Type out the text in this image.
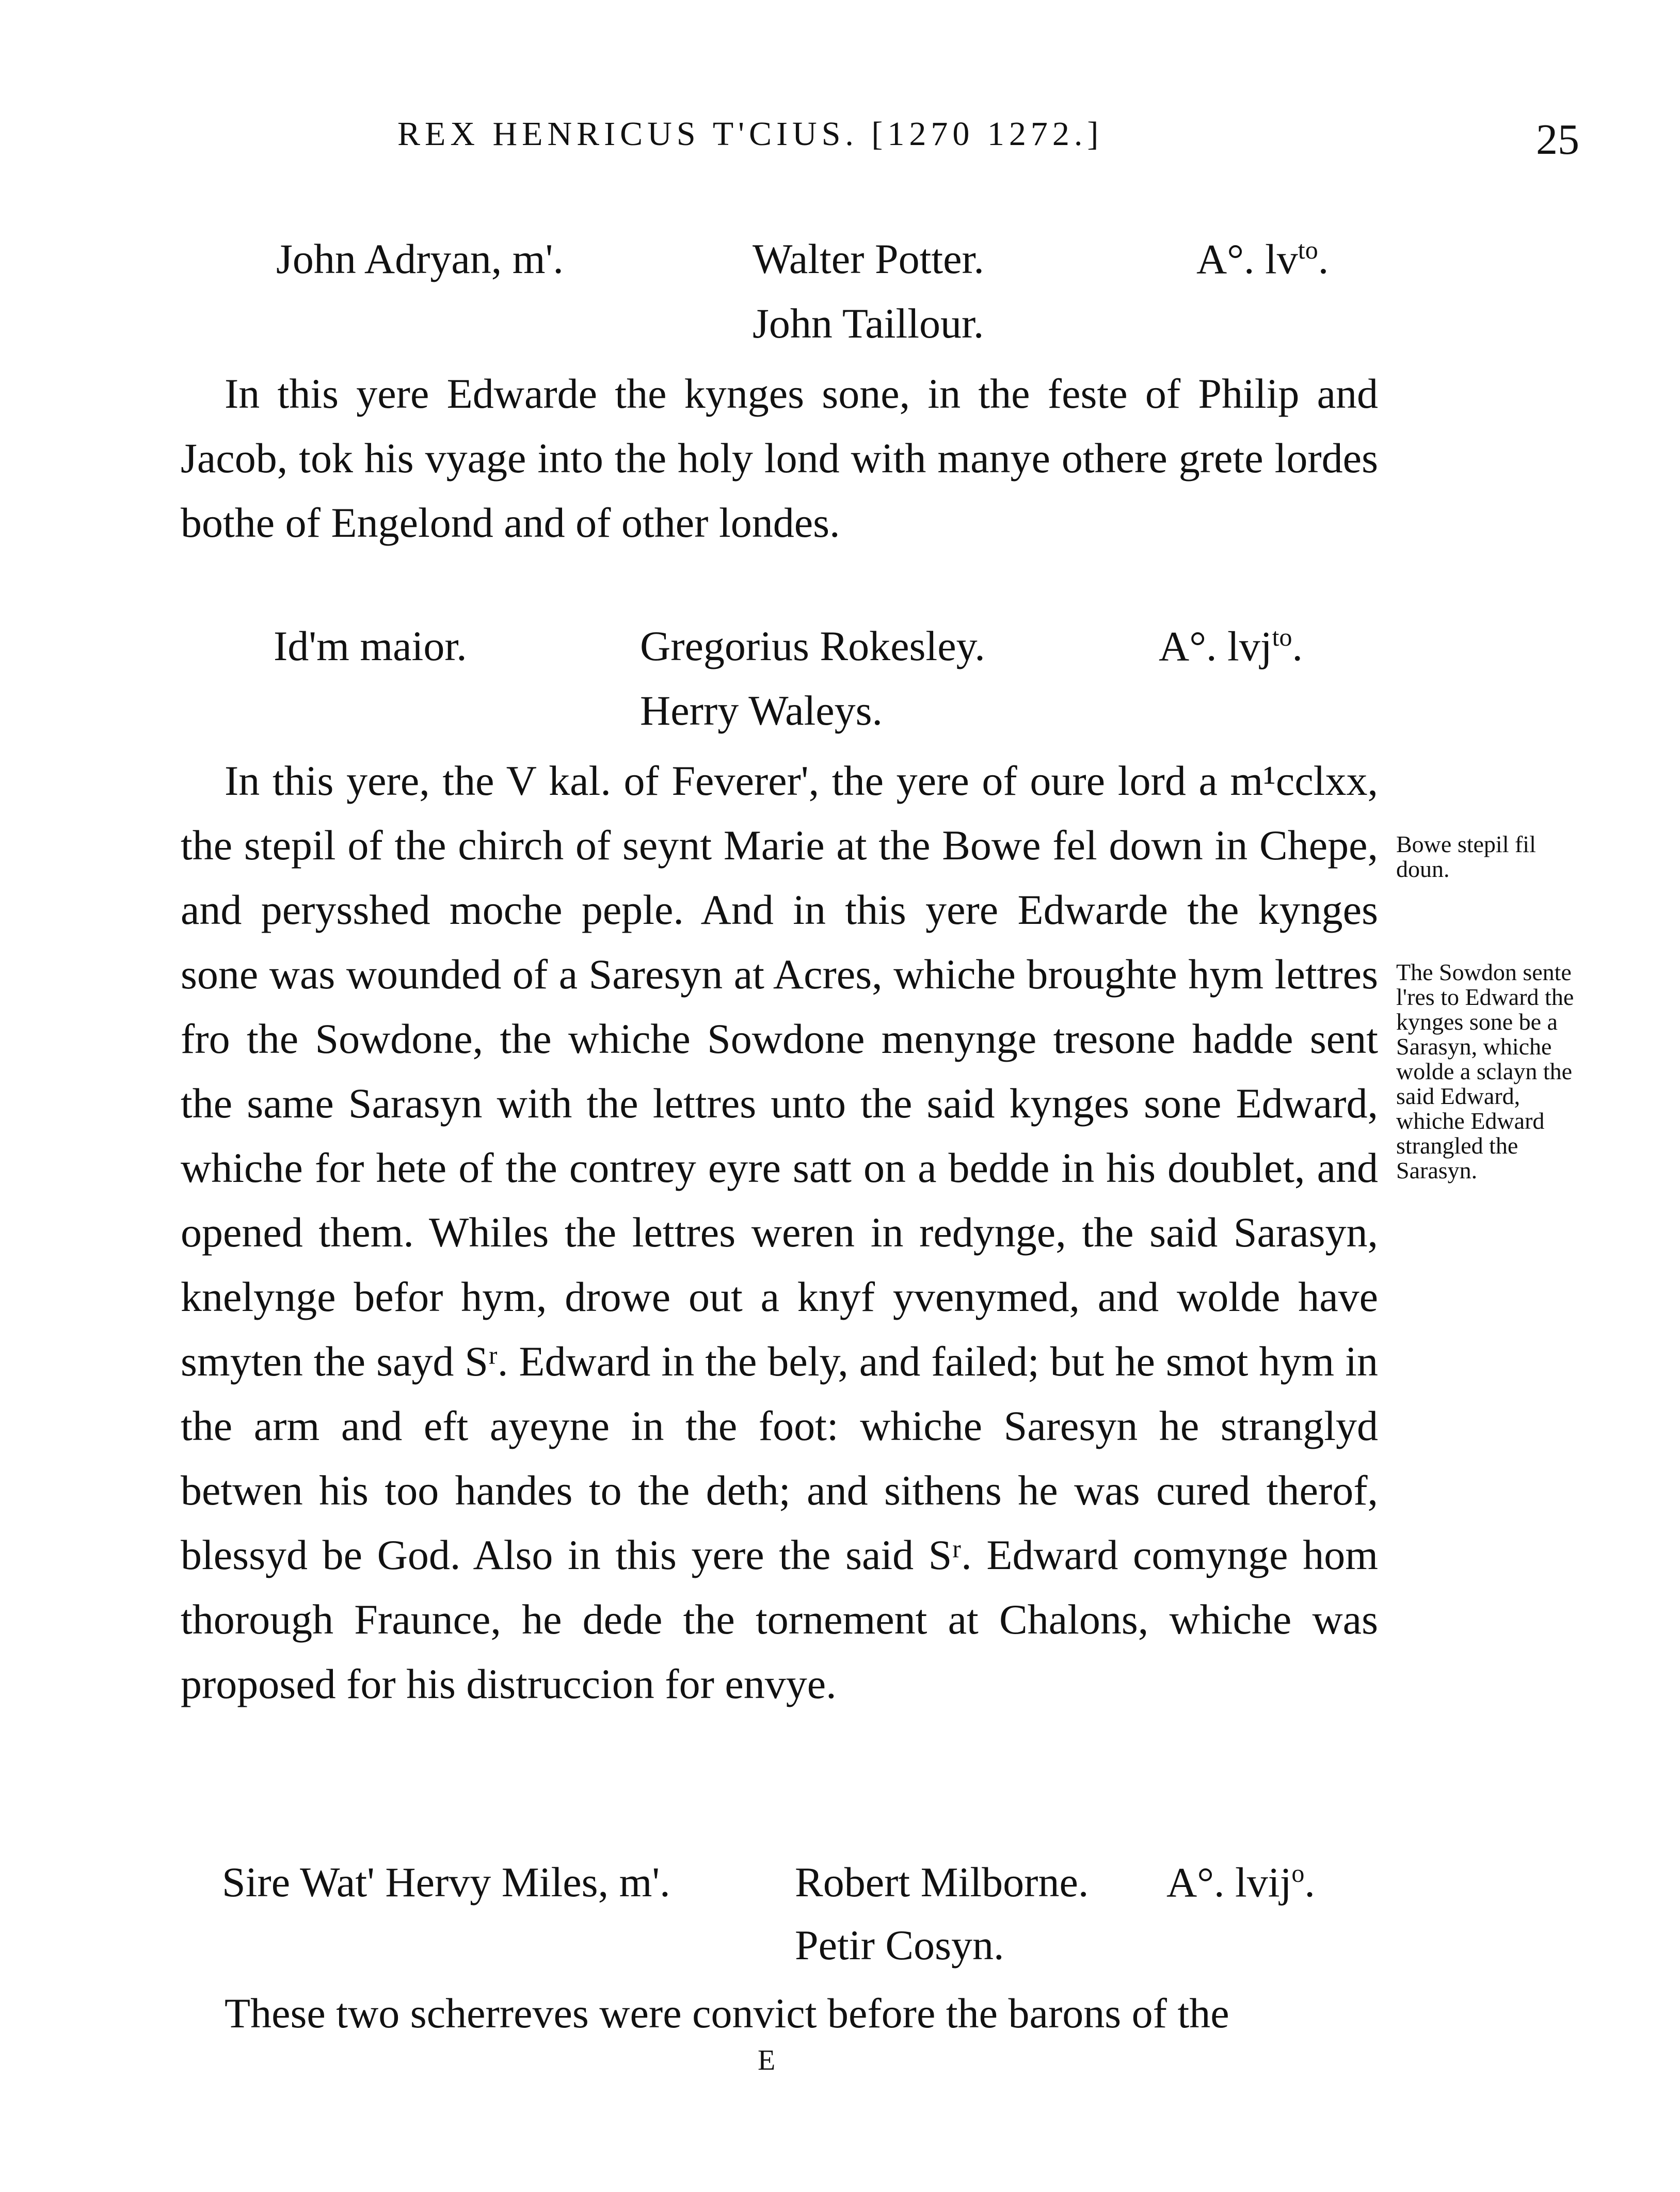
REX HENRICUS T'CIUS. [1270 1272.]	25
John Adryan, m'.	Walter Potter.	A°. $lv^{to}$.
John Taillour.

In this yere Edwarde the kynges sone, in the feste of Philip and Jacob, tok his vyage into the holy lond with manye othere grete lordes bothe of Engelond and of other londes.

Id'm maior.	Gregorius Rokesley.	A°. lvj$^{to}$.
Herry Waleys.

In this yere, the V kal. of Feverer', the yere of oure lord a m¹cclxx, the stepil of the chirch of seynt Marie at the Bowe fel down in Chepe, and perysshed moche peple. And in this yere Edwarde the kynges sone was wounded of a Saresyn at Acres, whiche broughte hym lettres fro the Sowdone, the whiche Sowdone menynge tresone hadde sent the same Sarasyn with the lettres unto the said kynges sone Edward, whiche for hete of the contrey eyre satt on a bedde in his doublet, and opened them. Whiles the lettres weren in redynge, the said Sarasyn, knelynge befor hym, drowe out a knyf yvenymed, and wolde have smyten the sayd Sʳ. Edward in the bely, and failed; but he smot hym in the arm and eft ayeyne in the foot: whiche Saresyn he stranglyd betwen his too handes to the deth; and sithens he was cured therof, blessyd be God. Also in this yere the said Sʳ. Edward comynge hom thorough Fraunce, he dede the tornement at Chalons, whiche was proposed for his distruccion for envye.

Bowe stepil fil doun.

The Sowdon sente l'res to Edward the kynges sone be a Sarasyn, whiche wolde a sclayn the said Edward, whiche Edward strangled the Sarasyn.

Sire Wat' Hervy Miles, m'.	Robert Milborne. A°. lvij$^o$.
Petir Cosyn.

These two scherreves were convict before the barons of the

E
